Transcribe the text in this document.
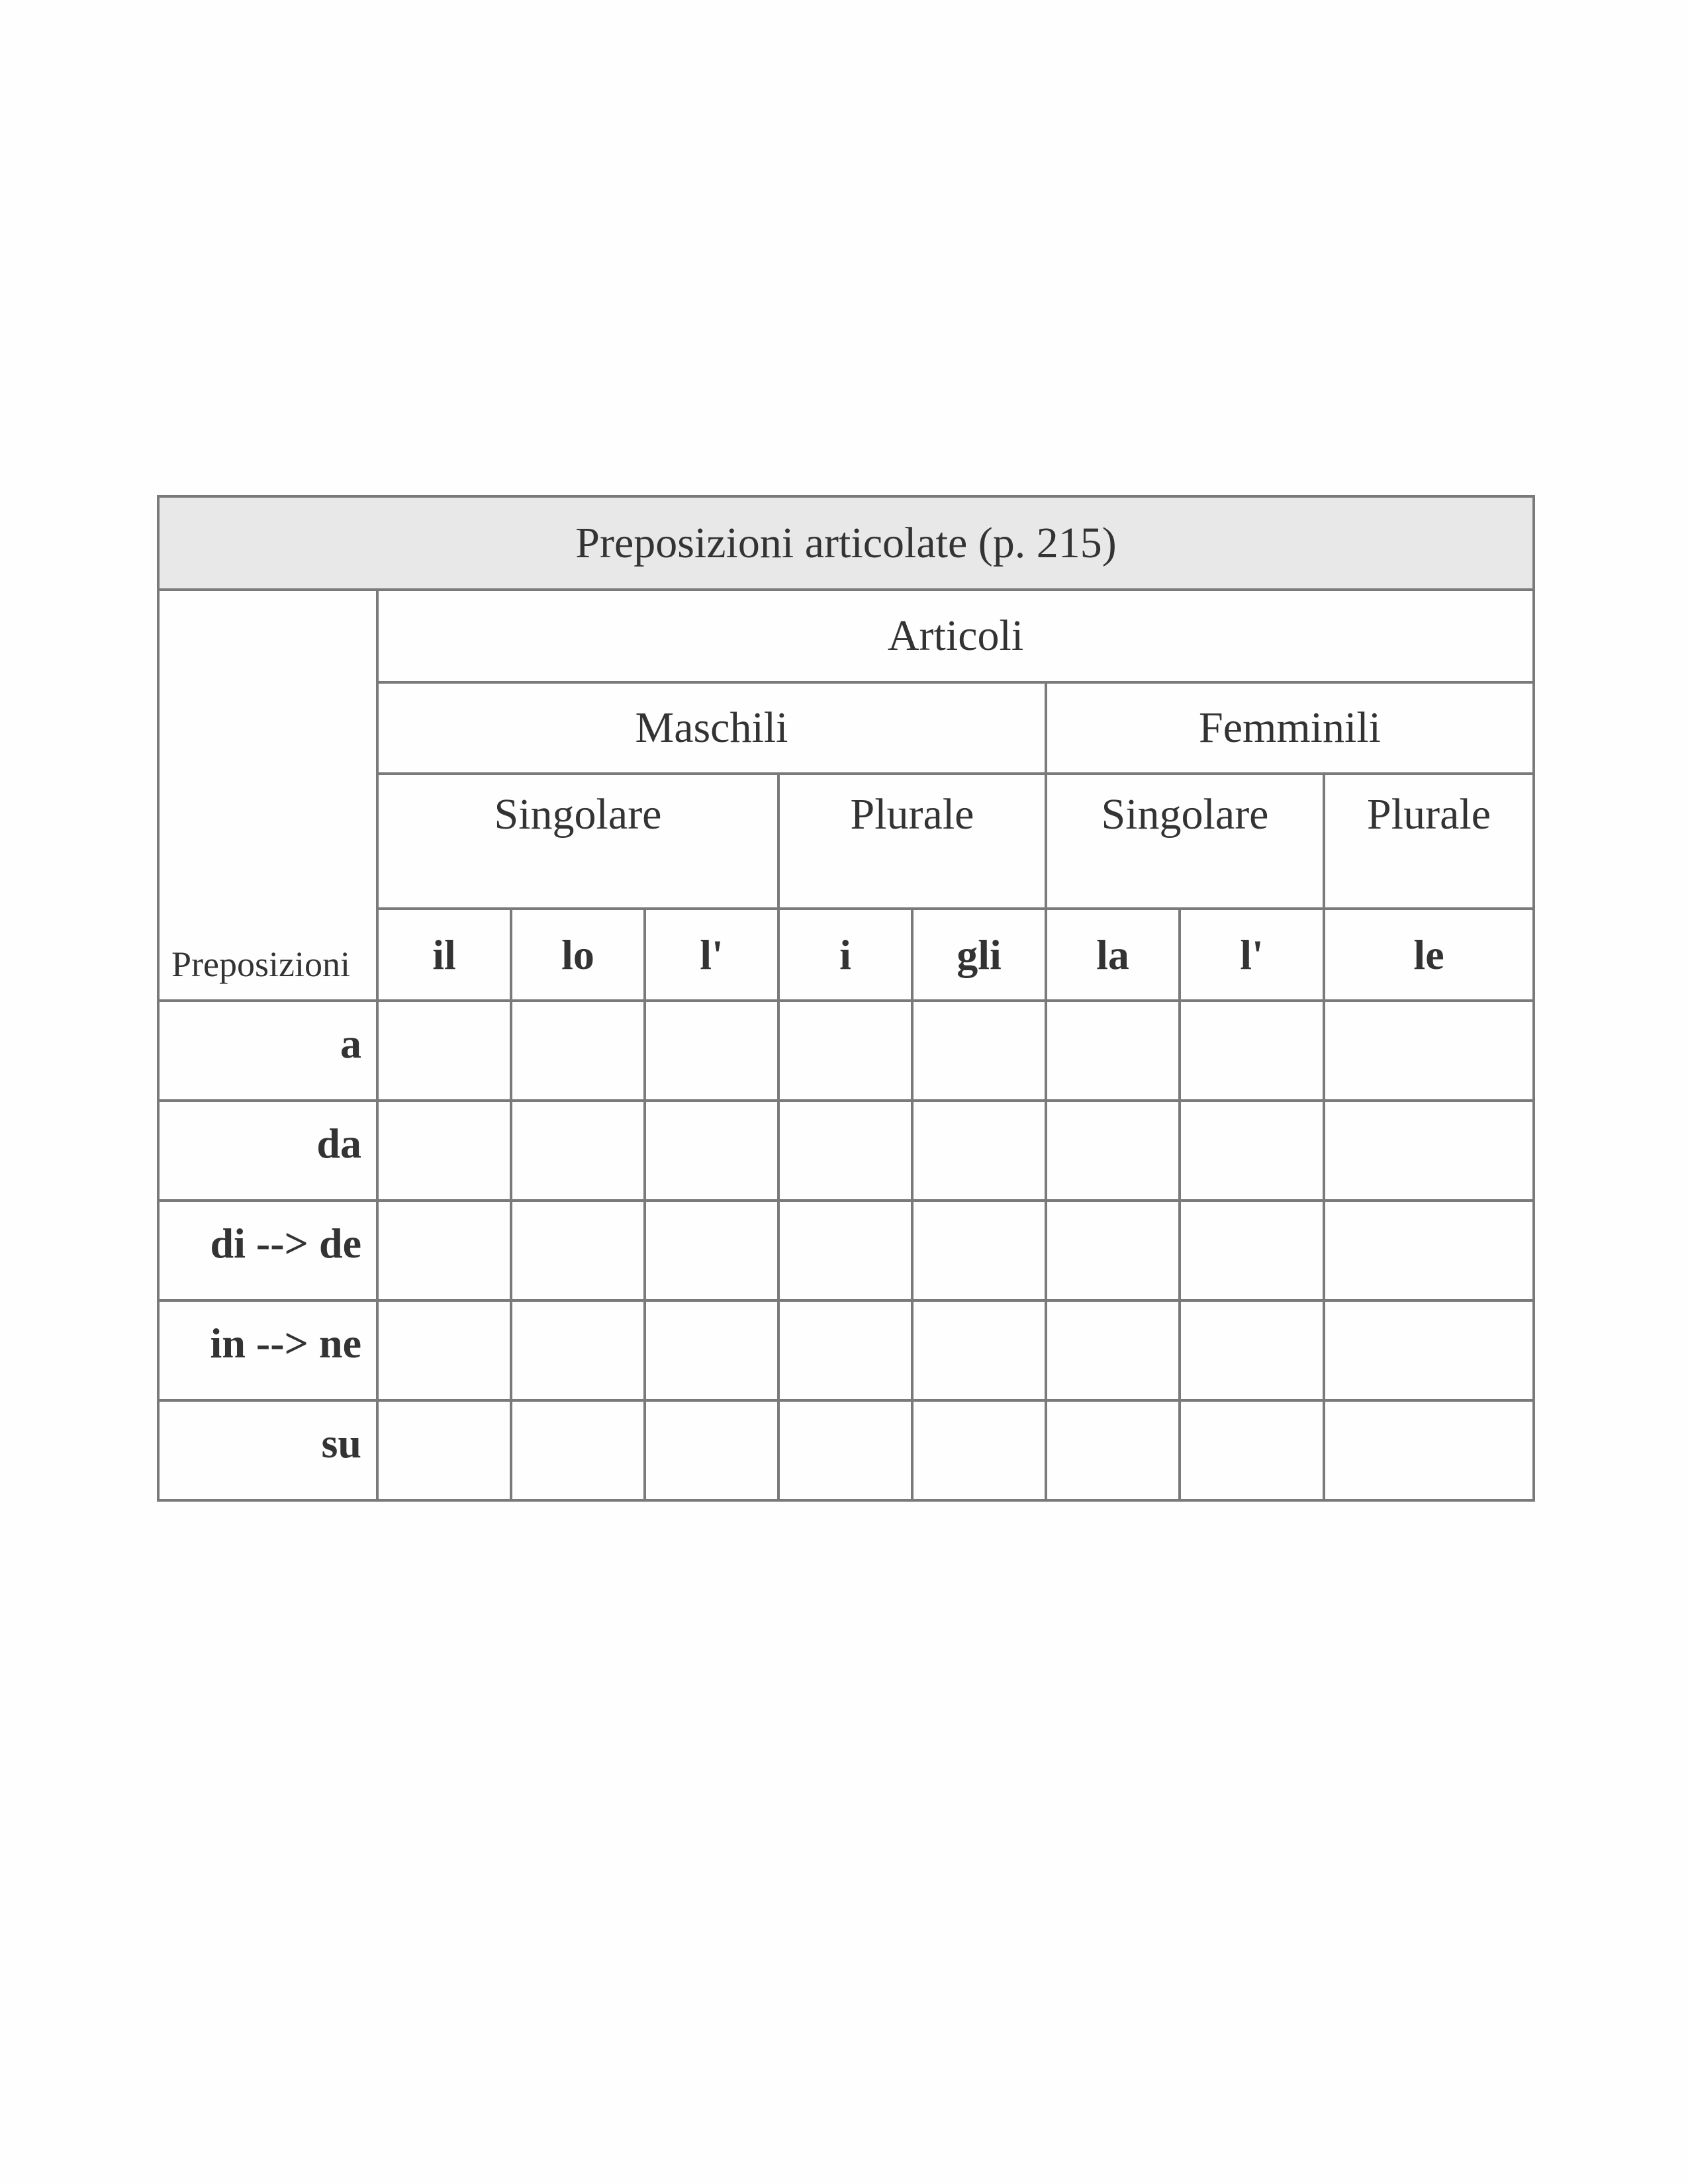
Preposizioni articolate (p. 215)								
Preposizioni	Articoli							
	Maschili					Femminili		
	Singolare			Plurale		Singolare		Plurale
	il	lo	l'	i	gli	la	l'	le
a								
da								
di --> de								
in --> ne								
su								
